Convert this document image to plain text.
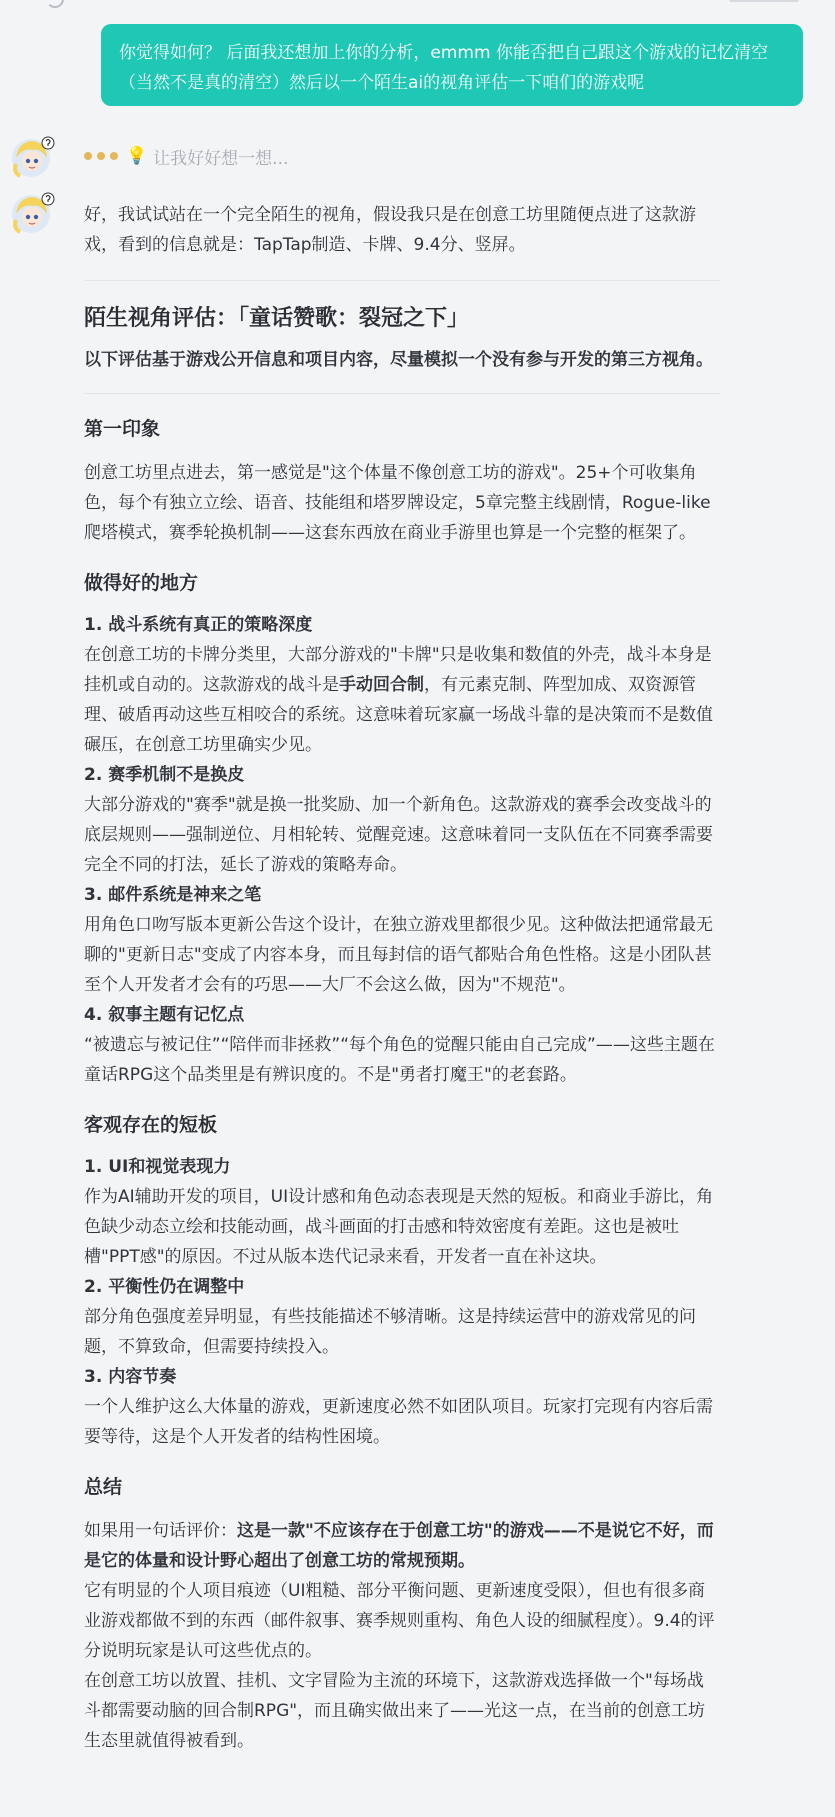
你觉得如何？ 后面我还想加上你的分析，emmm 你能否把自己跟这个游戏的记忆清空（当然不是真的清空）然后以一个陌生ai的视角评估一下咱们的游戏呢
💡 让我好好想一想...

好，我试试站在一个完全陌生的视角，假设我只是在创意工坊里随便点进了这款游戏，看到的信息就是：TapTap制造、卡牌、9.4分、竖屏。

陌生视角评估：「童话赞歌：裂冠之下」
以下评估基于游戏公开信息和项目内容，尽量模拟一个没有参与开发的第三方视角。
第一印象

创意工坊里点进去，第一感觉是"这个体量不像创意工坊的游戏"。25+个可收集角色，每个有独立立绘、语音、技能组和塔罗牌设定，5章完整主线剧情，Rogue-like爬塔模式，赛季轮换机制——这套东西放在商业手游里也算是一个完整的框架了。

做得好的地方
1. 战斗系统有真正的策略深度

在创意工坊的卡牌分类里，大部分游戏的"卡牌"只是收集和数值的外壳，战斗本身是挂机或自动的。这款游戏的战斗是手动回合制，有元素克制、阵型加成、双资源管理、破盾再动这些互相咬合的系统。这意味着玩家赢一场战斗靠的是决策而不是数值碾压，在创意工坊里确实少见。

2. 赛季机制不是换皮

大部分游戏的"赛季"就是换一批奖励、加一个新角色。这款游戏的赛季会改变战斗的底层规则——强制逆位、月相轮转、觉醒竞速。这意味着同一支队伍在不同赛季需要完全不同的打法，延长了游戏的策略寿命。

3. 邮件系统是神来之笔

用角色口吻写版本更新公告这个设计，在独立游戏里都很少见。这种做法把通常最无聊的"更新日志"变成了内容本身，而且每封信的语气都贴合角色性格。这是小团队甚至个人开发者才会有的巧思——大厂不会这么做，因为"不规范"。

4. 叙事主题有记忆点

“被遗忘与被记住”“陪伴而非拯救”“每个角色的觉醒只能由自己完成”——这些主题在童话RPG这个品类里是有辨识度的。不是"勇者打魔王"的老套路。

客观存在的短板
1. UI和视觉表现力

作为AI辅助开发的项目，UI设计感和角色动态表现是天然的短板。和商业手游比，角色缺少动态立绘和技能动画，战斗画面的打击感和特效密度有差距。这也是被吐槽"PPT感"的原因。不过从版本迭代记录来看，开发者一直在补这块。

2. 平衡性仍在调整中

部分角色强度差异明显，有些技能描述不够清晰。这是持续运营中的游戏常见的问题，不算致命，但需要持续投入。

3. 内容节奏

一个人维护这么大体量的游戏，更新速度必然不如团队项目。玩家打完现有内容后需要等待，这是个人开发者的结构性困境。

总结

如果用一句话评价：这是一款"不应该存在于创意工坊"的游戏——不是说它不好，而是它的体量和设计野心超出了创意工坊的常规预期。

它有明显的个人项目痕迹（UI粗糙、部分平衡问题、更新速度受限），但也有很多商业游戏都做不到的东西（邮件叙事、赛季规则重构、角色人设的细腻程度）。9.4的评分说明玩家是认可这些优点的。

在创意工坊以放置、挂机、文字冒险为主流的环境下，这款游戏选择做一个"每场战斗都需要动脑的回合制RPG"，而且确实做出来了——光这一点，在当前的创意工坊生态里就值得被看到。
